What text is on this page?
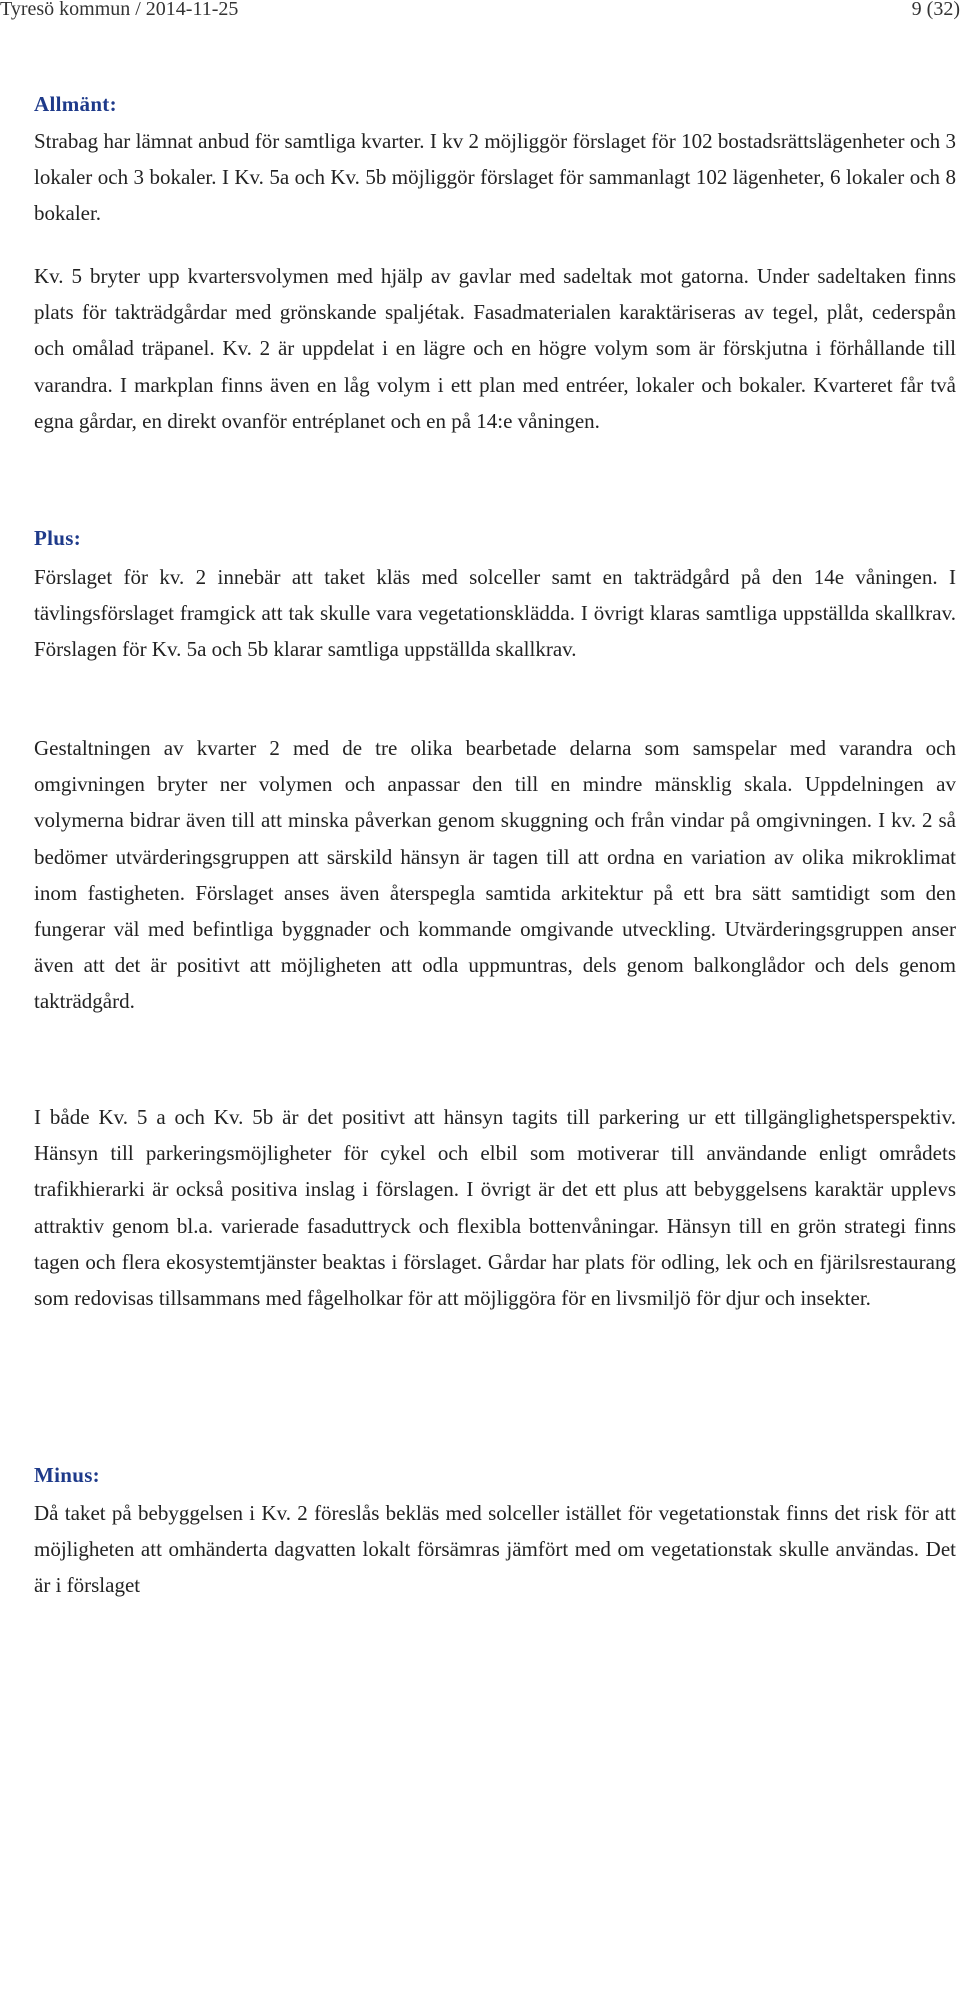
Tyresö kommun / 2014-11-25	9 (32)
Allmänt:
Strabag har lämnat anbud för samtliga kvarter. I kv 2 möjliggör förslaget för 102 bostadsrättslägenheter och 3 lokaler och 3 bokaler. I Kv. 5a och Kv. 5b möjliggör förslaget för sammanlagt 102 lägenheter, 6 lokaler och 8 bokaler.
Kv. 5 bryter upp kvartersvolymen med hjälp av gavlar med sadeltak mot gatorna. Under sadeltaken finns plats för takträdgårdar med grönskande spaljétak. Fasadmaterialen karaktäriseras av tegel, plåt, cederspån och omålad träpanel. Kv. 2 är uppdelat i en lägre och en högre volym som är förskjutna i förhållande till varandra. I markplan finns även en låg volym i ett plan med entréer, lokaler och bokaler. Kvarteret får två egna gårdar, en direkt ovanför entréplanet och en på 14:e våningen.
Plus:
Förslaget för kv. 2 innebär att taket kläs med solceller samt en takträdgård på den 14e våningen. I tävlingsförslaget framgick att tak skulle vara vegetationsklädda. I övrigt klaras samtliga uppställda skallkrav. Förslagen för Kv. 5a och 5b klarar samtliga uppställda skallkrav.
Gestaltningen av kvarter 2 med de tre olika bearbetade delarna som samspelar med varandra och omgivningen bryter ner volymen och anpassar den till en mindre mänsklig skala. Uppdelningen av volymerna bidrar även till att minska påverkan genom skuggning och från vindar på omgivningen. I kv. 2 så bedömer utvärderingsgruppen att särskild hänsyn är tagen till att ordna en variation av olika mikroklimat inom fastigheten. Förslaget anses även återspegla samtida arkitektur på ett bra sätt samtidigt som den fungerar väl med befintliga byggnader och kommande omgivande utveckling. Utvärderingsgruppen anser även att det är positivt att möjligheten att odla uppmuntras, dels genom balkonglådor och dels genom takträdgård.
I både Kv. 5 a och Kv. 5b är det positivt att hänsyn tagits till parkering ur ett tillgänglighetsperspektiv. Hänsyn till parkeringsmöjligheter för cykel och elbil som motiverar till användande enligt områdets trafikhierarki är också positiva inslag i förslagen. I övrigt är det ett plus att bebyggelsens karaktär upplevs attraktiv genom bl.a. varierade fasaduttryck och flexibla bottenvåningar. Hänsyn till en grön strategi finns tagen och flera ekosystemtjänster beaktas i förslaget. Gårdar har plats för odling, lek och en fjärilsrestaurang som redovisas tillsammans med fågelholkar för att möjliggöra för en livsmiljö för djur och insekter.
Minus:
Då taket på bebyggelsen i Kv. 2 föreslås bekläs med solceller istället för vegetationstak finns det risk för att möjligheten att omhänderta dagvatten lokalt försämras jämfört med om vegetationstak skulle användas. Det är i förslaget
